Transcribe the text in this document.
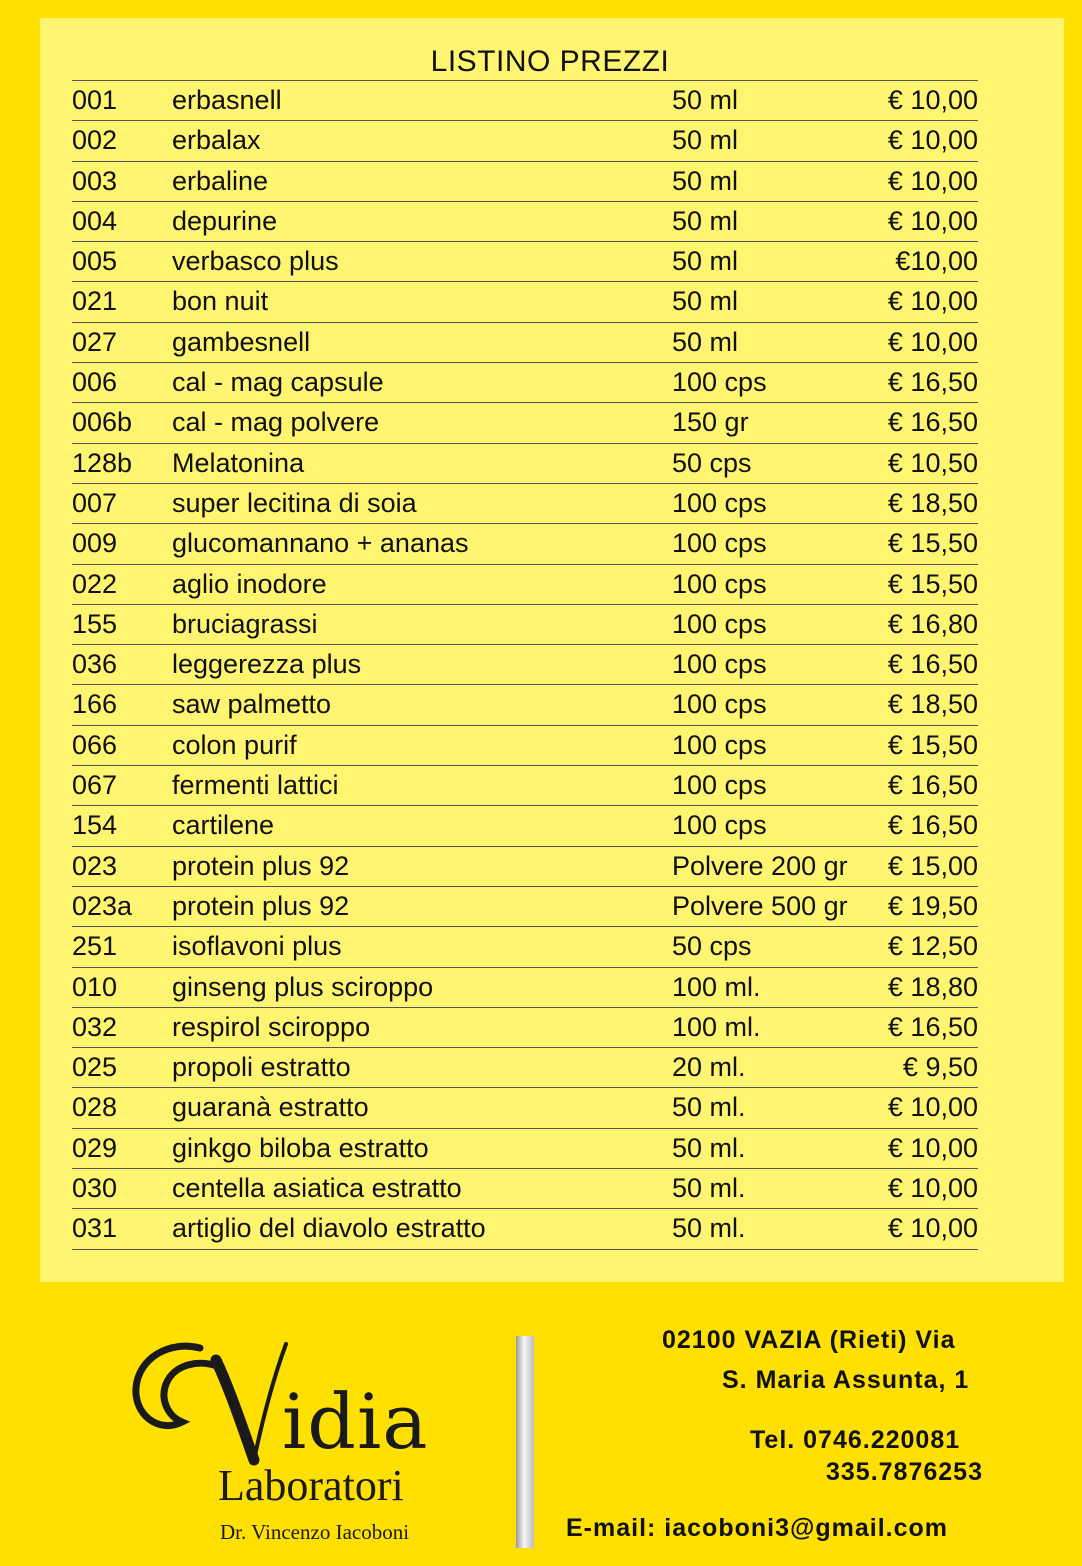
LISTINO PREZZI
001 erbasnell	50 ml	€ 10,00
002 erbalax	50 ml	€ 10,00
003 erbaline	50 ml	€ 10,00
004 depurine	50 ml	€ 10,00
005 verbasco plus	50 ml	€10,00
021 bon nuit	50 ml	€ 10,00
027 gambesnell	50 ml	€ 10,00
006 cal - mag capsule	100 cps	€ 16,50
006b cal - mag polvere	150 gr	€ 16,50
128b Melatonina	50 cps	€ 10,50
007 super lecitina di soia	100 cps	€ 18,50
009 glucomannano + ananas	100 cps	€ 15,50
022 aglio inodore	100 cps	€ 15,50
155 bruciagrassi	100 cps	€ 16,80
036 leggerezza plus	100 cps	€ 16,50
166 saw palmetto	100 cps	€ 18,50
066 colon purif	100 cps	€ 15,50
067 fermenti lattici	100 cps	€ 16,50
154 cartilene	100 cps	€ 16,50
023 protein plus 92	Polvere 200 gr € 15,00
023a protein plus 92	Polvere 500 gr € 19,50
251 isoflavoni plus	50 cps	€ 12,50
010 ginseng plus sciroppo	100 ml.	€ 18,80
032 respirol sciroppo	100 ml.	€ 16,50
025 propoli estratto	20 ml.	€ 9,50
028 guaranà estratto	50 ml.	€ 10,00
029 ginkgo biloba estratto	50 ml.	€ 10,00
030 centella asiatica estratto	50 ml.	€ 10,00
031 artiglio del diavolo estratto	50 ml.	€ 10,00
idia
Laboratori
Dr. Vincenzo Iacoboni
02100 VAZIA (Rieti) Via
S. Maria Assunta, 1
Tel. 0746.220081
335.7876253
E-mail: iacoboni3@gmail.com
